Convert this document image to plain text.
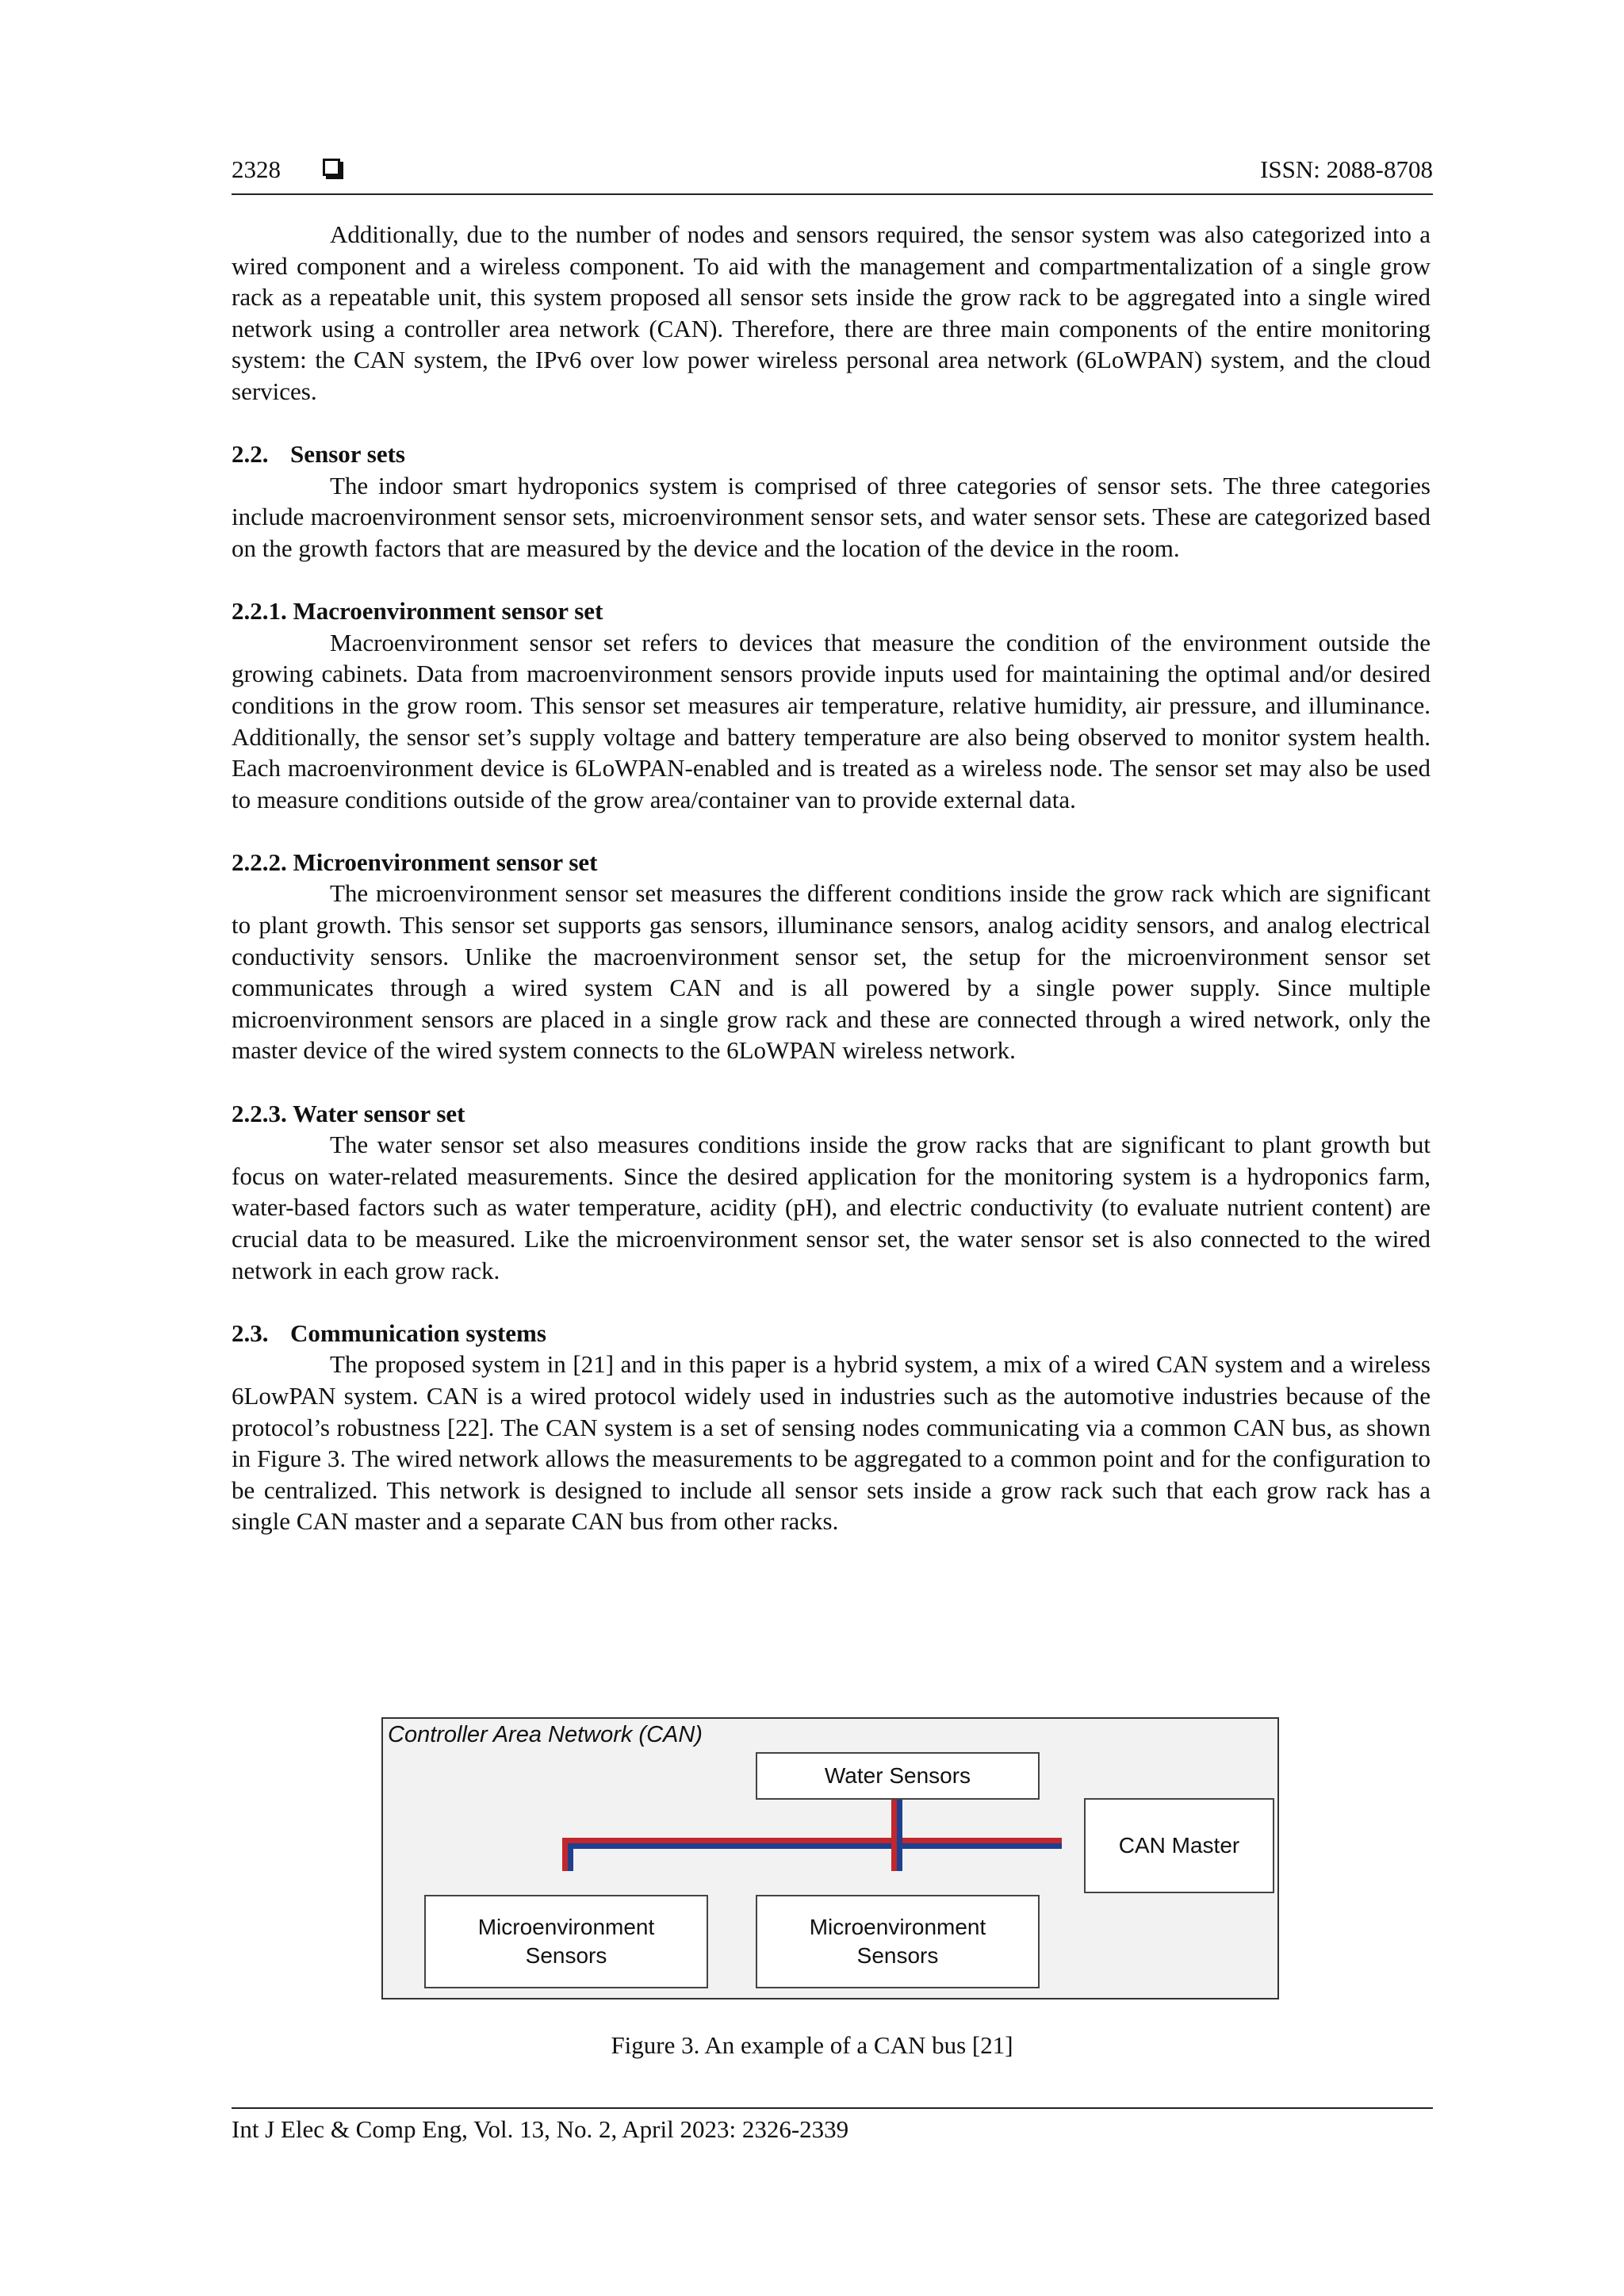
2328	ISSN: 2088-8708

Additionally, due to the number of nodes and sensors required, the sensor system was also categorized into a wired component and a wireless component. To aid with the management and compartmentalization of a single grow rack as a repeatable unit, this system proposed all sensor sets inside the grow rack to be aggregated into a single wired network using a controller area network (CAN). Therefore, there are three main components of the entire monitoring system: the CAN system, the IPv6 over low power wireless personal area network (6LoWPAN) system, and the cloud services.

2.2. Sensor sets

The indoor smart hydroponics system is comprised of three categories of sensor sets. The three categories include macroenvironment sensor sets, microenvironment sensor sets, and water sensor sets. These are categorized based on the growth factors that are measured by the device and the location of the device in the room.

2.2.1. Macroenvironment sensor set

Macroenvironment sensor set refers to devices that measure the condition of the environment outside the growing cabinets. Data from macroenvironment sensors provide inputs used for maintaining the optimal and/or desired conditions in the grow room. This sensor set measures air temperature, relative humidity, air pressure, and illuminance. Additionally, the sensor set’s supply voltage and battery temperature are also being observed to monitor system health. Each macroenvironment device is 6LoWPAN-enabled and is treated as a wireless node. The sensor set may also be used to measure conditions outside of the grow area/container van to provide external data.

2.2.2. Microenvironment sensor set

The microenvironment sensor set measures the different conditions inside the grow rack which are significant to plant growth. This sensor set supports gas sensors, illuminance sensors, analog acidity sensors, and analog electrical conductivity sensors. Unlike the macroenvironment sensor set, the setup for the microenvironment sensor set communicates through a wired system CAN and is all powered by a single power supply. Since multiple microenvironment sensors are placed in a single grow rack and these are connected through a wired network, only the master device of the wired system connects to the 6LoWPAN wireless network.

2.2.3. Water sensor set

The water sensor set also measures conditions inside the grow racks that are significant to plant growth but focus on water-related measurements. Since the desired application for the monitoring system is a hydroponics farm, water-based factors such as water temperature, acidity (pH), and electric conductivity (to evaluate nutrient content) are crucial data to be measured. Like the microenvironment sensor set, the water sensor set is also connected to the wired network in each grow rack.

2.3. Communication systems

The proposed system in [21] and in this paper is a hybrid system, a mix of a wired CAN system and a wireless 6LowPAN system. CAN is a wired protocol widely used in industries such as the automotive industries because of the protocol’s robustness [22]. The CAN system is a set of sensing nodes communicating via a common CAN bus, as shown in Figure 3. The wired network allows the measurements to be aggregated to a common point and for the configuration to be centralized. This network is designed to include all sensor sets inside a grow rack such that each grow rack has a single CAN master and a separate CAN bus from other racks.

Controller Area Network (CAN)
Water Sensors
CAN Master
Microenvironment
Sensors
Microenvironment
Sensors
Figure 3. An example of a CAN bus [21]
Int J Elec & Comp Eng, Vol. 13, No. 2, April 2023: 2326-2339
